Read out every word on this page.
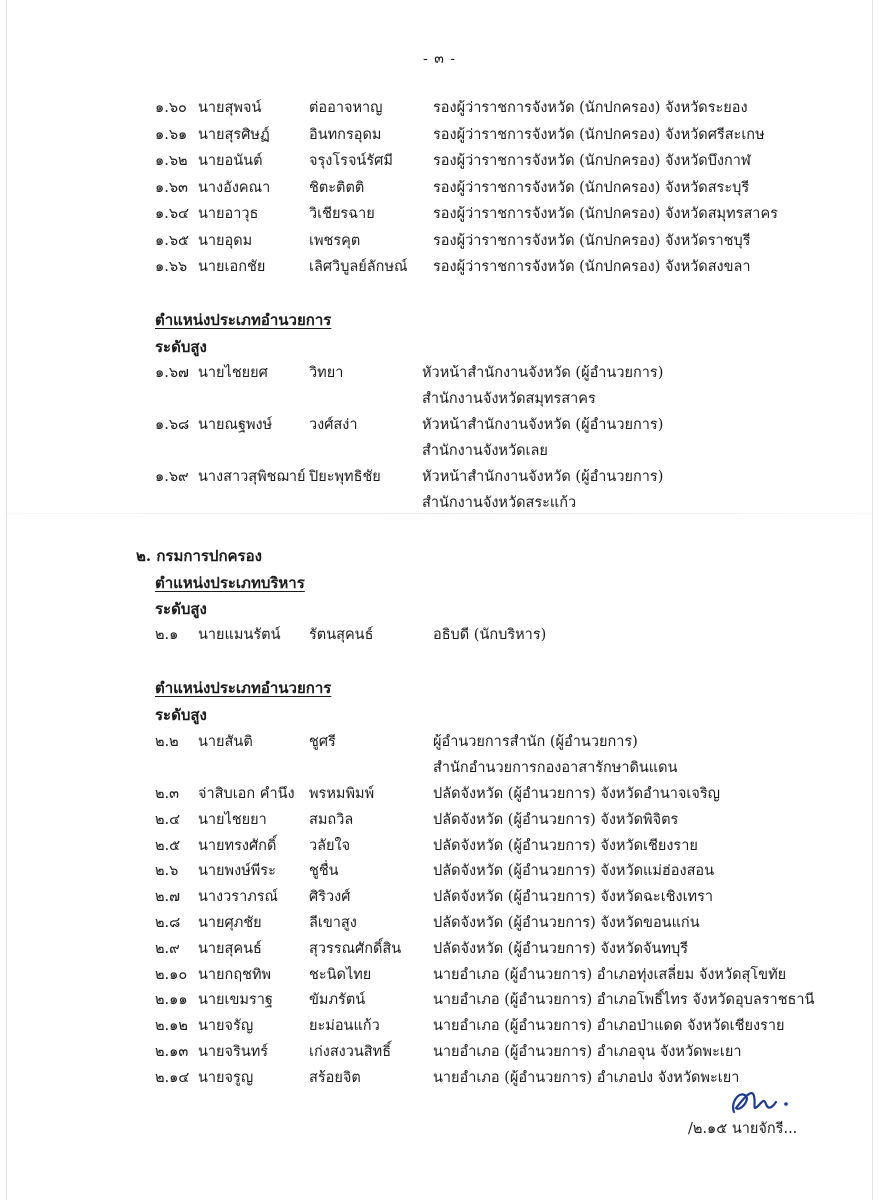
- ๓ -
๑.๖๐ นายสุพจน์	ต่ออาจหาญ	รองผู้ว่าราชการจังหวัด (นักปกครอง) จังหวัดระยอง
๑.๖๑ นายสุรศิษฏ์	อินทกรอุดม	รองผู้ว่าราชการจังหวัด (นักปกครอง) จังหวัดศรีสะเกษ
๑.๖๒ นายอนันต์	จรุงโรจน์รัศมี	รองผู้ว่าราชการจังหวัด (นักปกครอง) จังหวัดบึงกาฬ
๑.๖๓ นางอังคณา	ชิตะติตติ	รองผู้ว่าราชการจังหวัด (นักปกครอง) จังหวัดสระบุรี
๑.๖๔ นายอาวุธ	วิเชียรฉาย	รองผู้ว่าราชการจังหวัด (นักปกครอง) จังหวัดสมุทรสาคร
๑.๖๕ นายอุดม	เพชรคุต	รองผู้ว่าราชการจังหวัด (นักปกครอง) จังหวัดราชบุรี
๑.๖๖ นายเอกชัย	เลิศวิบูลย์ลักษณ์ รองผู้ว่าราชการจังหวัด (นักปกครอง) จังหวัดสงขลา
ตำแหน่งประเภทอำนวยการ
ระดับสูง
๑.๖๗ นายไชยยศ	วิทยา	หัวหน้าสำนักงานจังหวัด (ผู้อำนวยการ)
สำนักงานจังหวัดสมุทรสาคร
๑.๖๘ นายณฐพงษ์	วงศ์สง่า	หัวหน้าสำนักงานจังหวัด (ผู้อำนวยการ)
สำนักงานจังหวัดเลย
๑.๖๙ นางสาวสุพิชฌาย์ ปิยะพุทธิชัย	หัวหน้าสำนักงานจังหวัด (ผู้อำนวยการ)
สำนักงานจังหวัดสระแก้ว
๒. กรมการปกครอง
ตำแหน่งประเภทบริหาร
ระดับสูง
๒.๑ นายแมนรัตน์ รัตนสุคนธ์	อธิบดี (นักบริหาร)
ตำแหน่งประเภทอำนวยการ
ระดับสูง
๒.๒ นายสันติ	ชูศรี	ผู้อำนวยการสำนัก (ผู้อำนวยการ)
สำนักอำนวยการกองอาสารักษาดินแดน
๒.๓ จ่าสิบเอก คำนึง พรหมพิมพ์	ปลัดจังหวัด (ผู้อำนวยการ) จังหวัดอำนาจเจริญ
๒.๔ นายไชยยา	สมถวิล	ปลัดจังหวัด (ผู้อำนวยการ) จังหวัดพิจิตร
๒.๕ นายทรงศักดิ์ วลัยใจ	ปลัดจังหวัด (ผู้อำนวยการ) จังหวัดเชียงราย
๒.๖ นายพงษ์พีระ ชูชื่น	ปลัดจังหวัด (ผู้อำนวยการ) จังหวัดแม่ฮ่องสอน
๒.๗ นางวราภรณ์ ศิริวงศ์	ปลัดจังหวัด (ผู้อำนวยการ) จังหวัดฉะเชิงเทรา
๒.๘ นายศุภชัย	ลีเขาสูง	ปลัดจังหวัด (ผู้อำนวยการ) จังหวัดขอนแก่น
๒.๙ นายสุคนธ์	สุวรรณศักดิ์สิน ปลัดจังหวัด (ผู้อำนวยการ) จังหวัดจันทบุรี
๒.๑๐ นายกฤชทิพ	ชะนิดไทย	นายอำเภอ (ผู้อำนวยการ) อำเภอทุ่งเสลี่ยม จังหวัดสุโขทัย
๒.๑๑ นายเขมราฐ ขัมภรัตน์	นายอำเภอ (ผู้อำนวยการ) อำเภอโพธิ์ไทร จังหวัดอุบลราชธานี
๒.๑๒ นายจรัญ	ยะม่อนแก้ว	นายอำเภอ (ผู้อำนวยการ) อำเภอป่าแดด จังหวัดเชียงราย
๒.๑๓ นายจรินทร์	เก่งสงวนสิทธิ์	นายอำเภอ (ผู้อำนวยการ) อำเภอจุน จังหวัดพะเยา
๒.๑๔ นายจรูญ	สร้อยจิต	นายอำเภอ (ผู้อำนวยการ) อำเภอปง จังหวัดพะเยา
/๒.๑๕ นายจักรี...
